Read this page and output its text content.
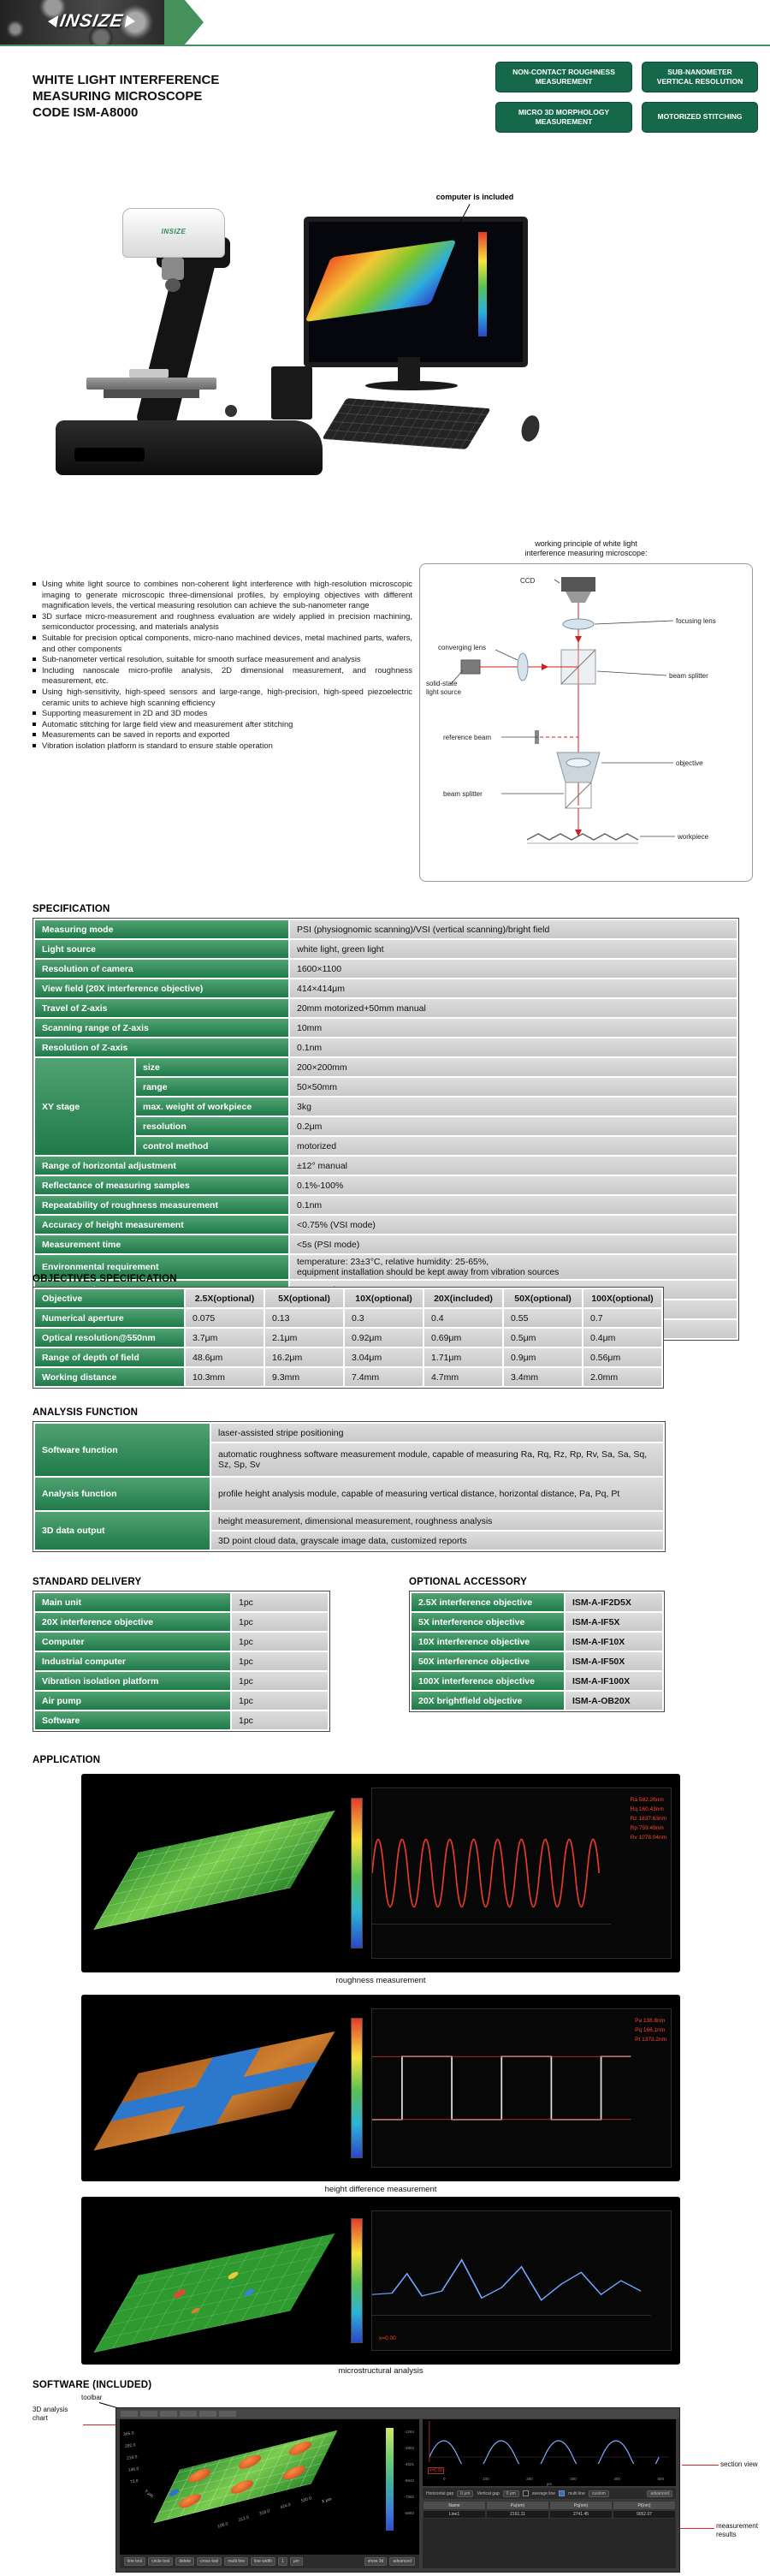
INSIZE
WHITE LIGHT INTERFERENCE
MEASURING MICROSCOPE
CODE ISM-A8000
NON-CONTACT ROUGHNESS MEASUREMENT
SUB-NANOMETER VERTICAL RESOLUTION
MICRO 3D MORPHOLOGY MEASUREMENT
MOTORIZED STITCHING
INSIZE
computer is included
Using white light source to combines non-coherent light interference with high-resolution microscopic imaging to generate microscopic three-dimensional profiles, by employing objectives with different magnification levels, the vertical measuring resolution can achieve the sub-nanometer range
3D surface micro-measurement and roughness evaluation are widely applied in precision machining, semiconductor processing, and materials analysis
Suitable for precision optical components, micro-nano machined devices, metal machined parts, wafers, and other components
Sub-nanometer vertical resolution, suitable for smooth surface measurement and analysis
Including nanoscale micro-profile analysis, 2D dimensional measurement, and roughness measurement, etc.
Using high-sensitivity, high-speed sensors and large-range, high-precision, high-speed piezoelectric ceramic units to achieve high scanning efficiency
Supporting measurement in 2D and 3D modes
Automatic stitching for large field view and measurement after stitching
Measurements can be saved in reports and exported
Vibration isolation platform is standard to ensure stable operation
working principle of white light
interference measuring microscope:
CCD
focusing lens
converging lens
solid-state
light source
beam splitter
reference beam
objective
beam splitter
workpiece
SPECIFICATION
Measuring mode		PSI (physiognomic scanning)/VSI (vertical scanning)/bright field
Light source		white light, green light
Resolution of camera		1600×1100
View field (20X interference objective)		414×414μm
Travel of Z-axis		20mm motorized+50mm manual
Scanning range of Z-axis		10mm
Resolution of Z-axis		0.1nm
XY stage	size	200×200mm
	range	50×50mm
	max. weight of workpiece	3kg
	resolution	0.2μm
	control method	motorized
Range of horizontal adjustment		±12° manual
Reflectance of measuring samples		0.1%-100%
Repeatability of roughness measurement		0.1nm
Accuracy of height measurement		<0.75% (VSI mode)
Measurement time		<5s (PSI mode)
Environmental requirement		temperature: 23±3°C, relative humidity: 25-65%,
equipment installation should be kept away from vibration sources

OBJECTIVES SPECIFICATION
Objective	2.5X(optional)	5X(optional)	10X(optional)	20X(included)	50X(optional)	100X(optional)
Numerical aperture	0.075	0.13	0.3	0.4	0.55	0.7
Optical resolution@550nm	3.7μm	2.1μm	0.92μm	0.69μm	0.5μm	0.4μm
Range of depth of field	48.6μm	16.2μm	3.04μm	1.71μm	0.9μm	0.56μm
Working distance	10.3mm	9.3mm	7.4mm	4.7mm	3.4mm	2.0mm
ANALYSIS FUNCTION
Software function	laser-assisted stripe positioning
	automatic roughness software measurement module, capable of measuring Ra, Rq, Rz, Rp, Rv, Sa, Sa, Sq, Sz, Sp, Sv
Analysis function	profile height analysis module, capable of measuring vertical distance, horizontal distance, Pa, Pq, Pt
3D data output	height measurement, dimensional measurement, roughness analysis
	3D point cloud data, grayscale image data, customized reports
STANDARD DELIVERY
Main unit	1pc
20X interference objective	1pc
Computer	1pc
Industrial computer	1pc
Vibration isolation platform	1pc
Air pump	1pc
Software	1pc
OPTIONAL ACCESSORY
2.5X interference objective	ISM-A-IF2D5X
5X interference objective	ISM-A-IF5X
10X interference objective	ISM-A-IF10X
50X interference objective	ISM-A-IF50X
100X interference objective	ISM-A-IF100X
20X brightfield objective	ISM-A-OB20X
APPLICATION
Ra 582.26nm
Rq 160.43nm
Rz 1837.63nm
Rp 759.49nm
Rv 1078.04nm
roughness measurement
Pa 138.8nm
Pq 166.1nm
Pt 1373.2nm
height difference measurement
x=0.00
microstructural analysis
SOFTWARE (INCLUDED)
toolbar
3D analysis chart
section view
measurement results
365.0
292.0
219.0
146.0
73.0
106.0
212.0
318.0
424.0
530.0 X μm
Y μm
-1264
-2903
-4521
-5642
-7362
-8882
line tool	circle tool	delete	cross tool	multi line	line width	1	μm	show 3d	advanced
x=0.00
0	100	200	300	400	500
μm
Horizontal gap	0 μm	Vertical gap	0 μm	average line	multi line	custom	advanced
Name	Pa(nm)	Pq(nm)	Pt(nm)
Line1	2161.11	2741.45	9052.07
